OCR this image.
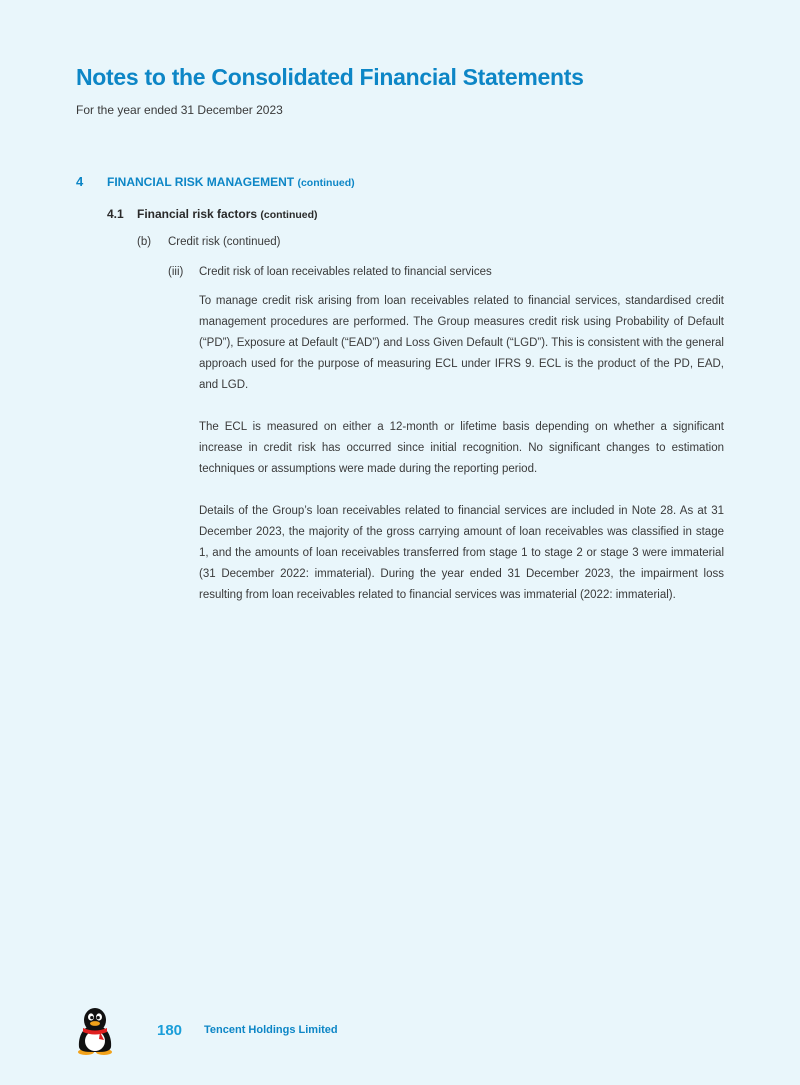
Notes to the Consolidated Financial Statements
For the year ended 31 December 2023
4 FINANCIAL RISK MANAGEMENT (continued)
4.1 Financial risk factors (continued)
(b) Credit risk (continued)
(iii) Credit risk of loan receivables related to financial services

To manage credit risk arising from loan receivables related to financial services, standardised credit management procedures are performed. The Group measures credit risk using Probability of Default (“PD”), Exposure at Default (“EAD”) and Loss Given Default (“LGD”). This is consistent with the general approach used for the purpose of measuring ECL under IFRS 9. ECL is the product of the PD, EAD, and LGD.

The ECL is measured on either a 12-month or lifetime basis depending on whether a significant increase in credit risk has occurred since initial recognition. No significant changes to estimation techniques or assumptions were made during the reporting period.

Details of the Group’s loan receivables related to financial services are included in Note 28. As at 31 December 2023, the majority of the gross carrying amount of loan receivables was classified in stage 1, and the amounts of loan receivables transferred from stage 1 to stage 2 or stage 3 were immaterial (31 December 2022: immaterial). During the year ended 31 December 2023, the impairment loss resulting from loan receivables related to financial services was immaterial (2022: immaterial).

180 Tencent Holdings Limited
